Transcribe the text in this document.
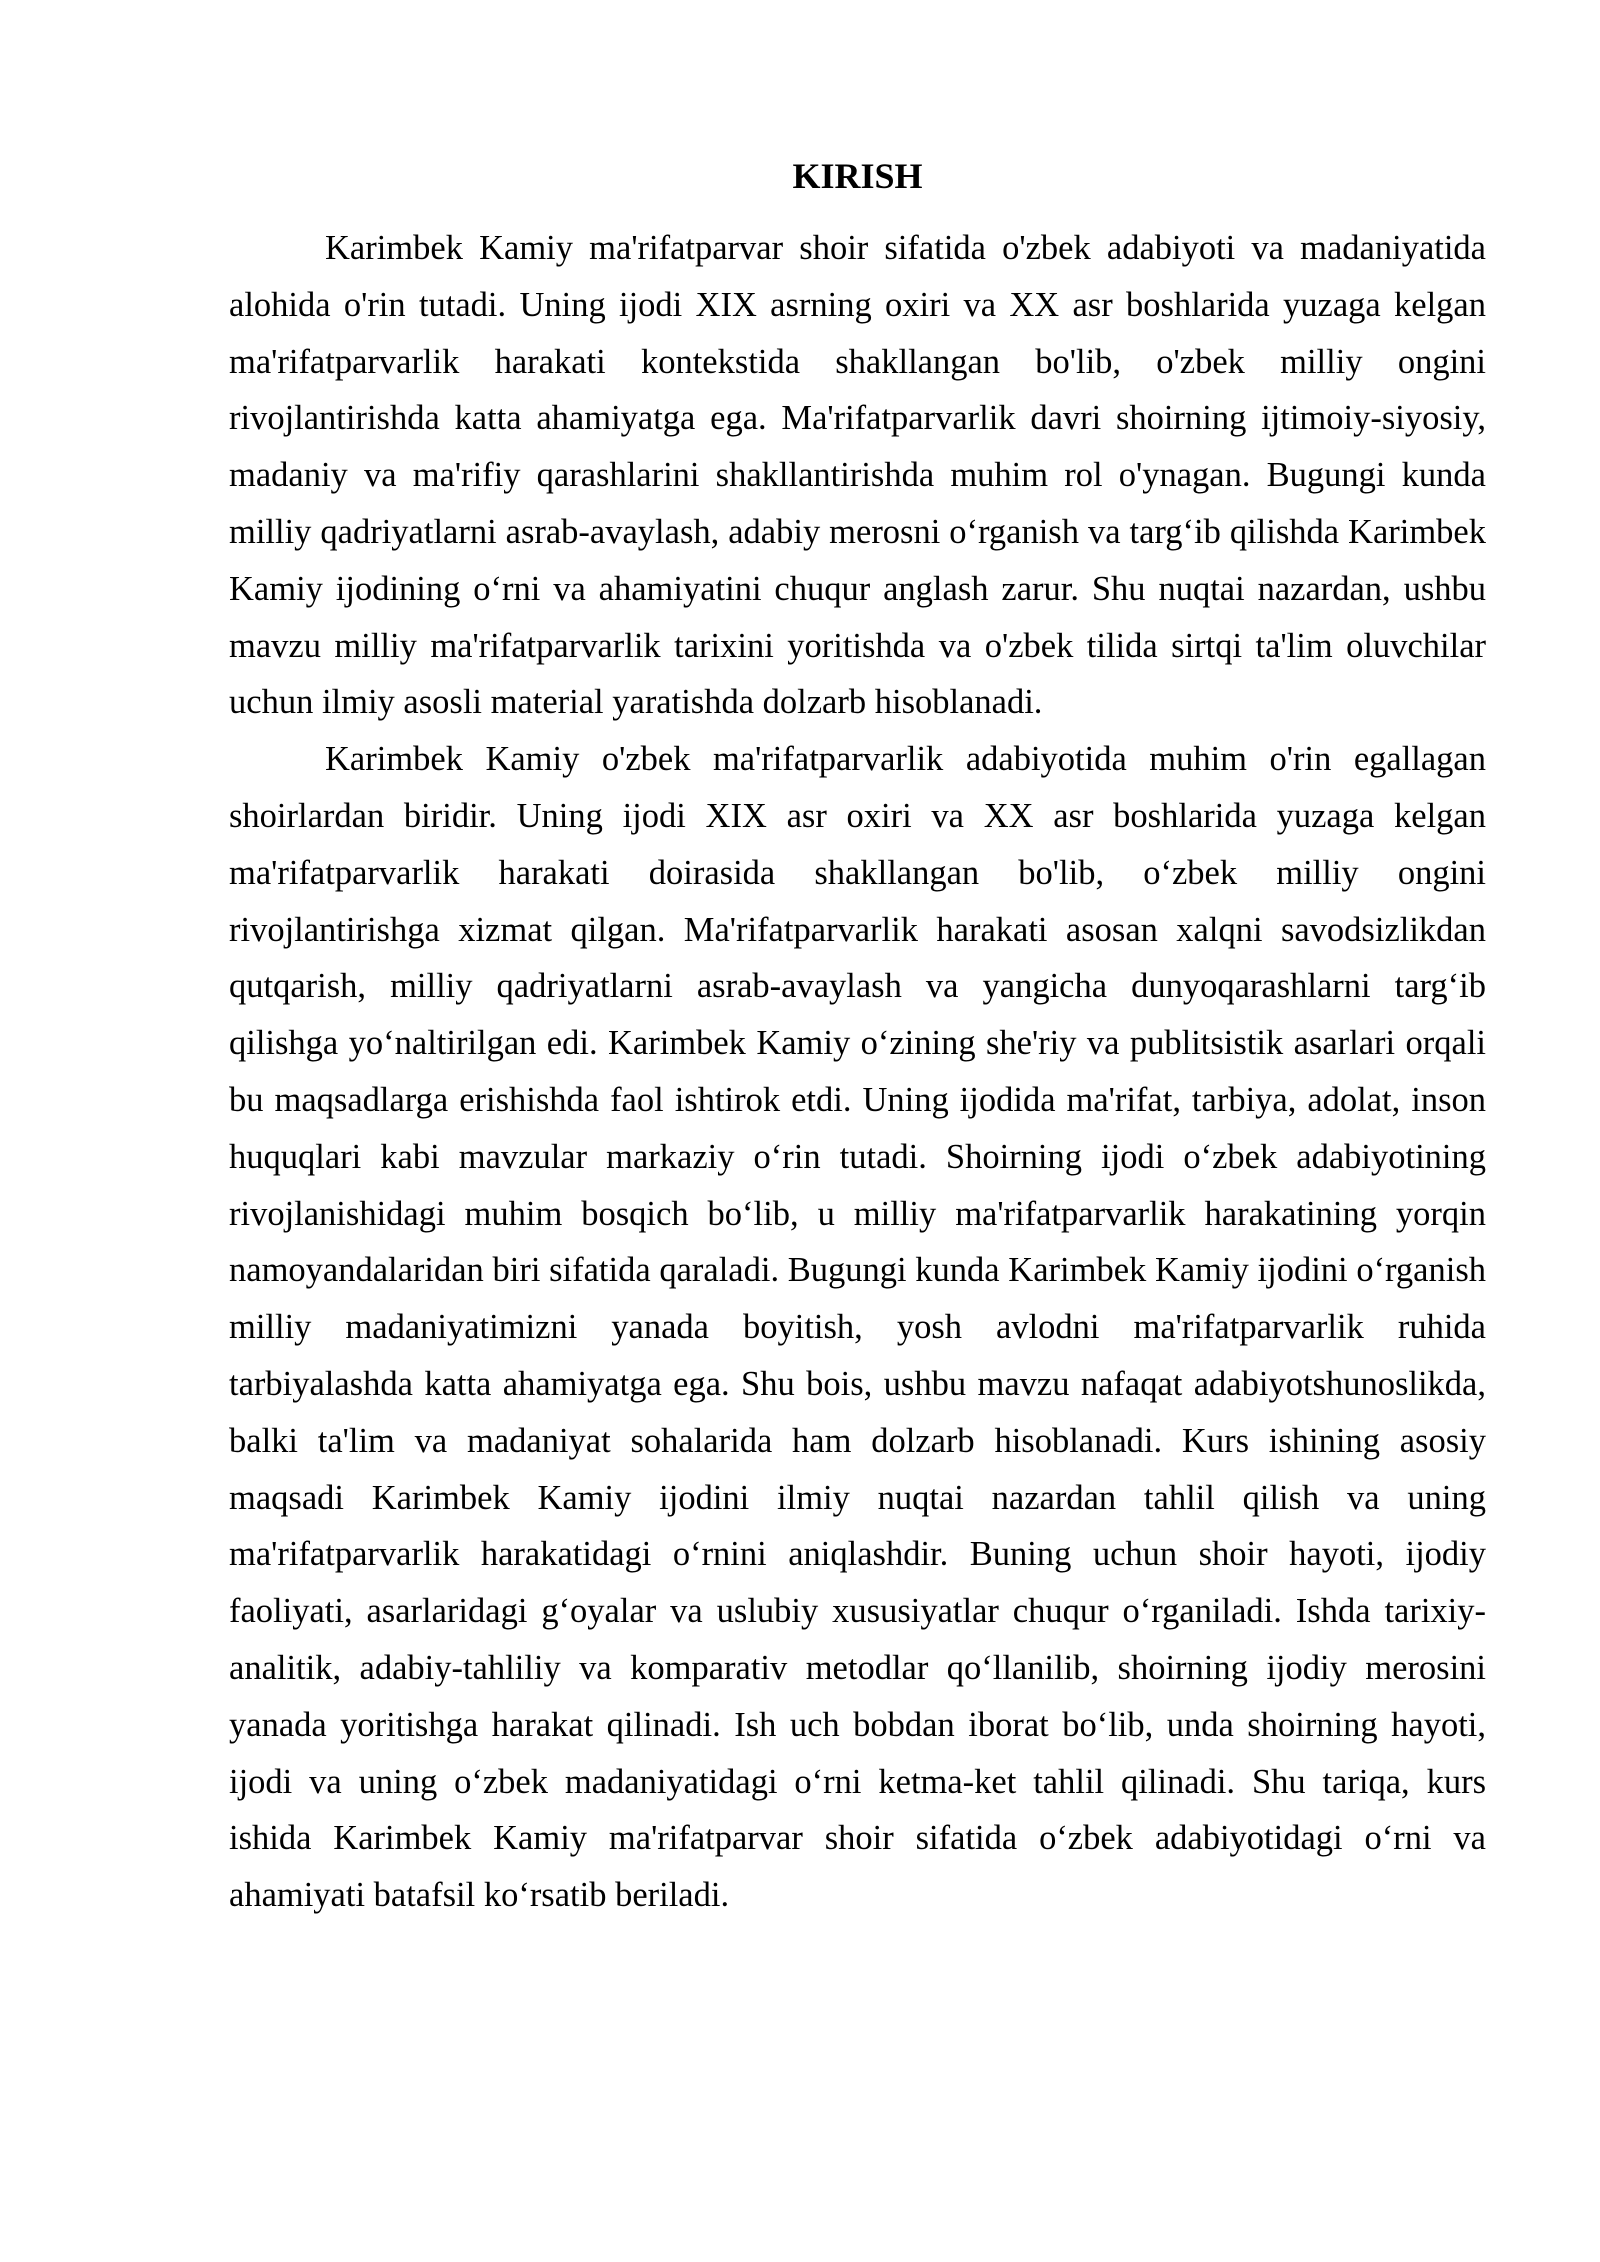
KIRISH

Karimbek Kamiy ma'rifatparvar shoir sifatida o'zbek adabiyoti va madaniyatida alohida o'rin tutadi. Uning ijodi XIX asrning oxiri va XX asr boshlarida yuzaga kelgan ma'rifatparvarlik harakati kontekstida shakllangan bo'lib, o'zbek milliy ongini rivojlantirishda katta ahamiyatga ega. Ma'rifatparvarlik davri shoirning ijtimoiy-siyosiy, madaniy va ma'rifiy qarashlarini shakllantirishda muhim rol o'ynagan. Bugungi kunda milliy qadriyatlarni asrab-avaylash, adabiy merosni o‘rganish va targ‘ib qilishda Karimbek Kamiy ijodining o‘rni va ahamiyatini chuqur anglash zarur. Shu nuqtai nazardan, ushbu mavzu milliy ma'rifatparvarlik tarixini yoritishda va o'zbek tilida sirtqi ta'lim oluvchilar uchun ilmiy asosli material yaratishda dolzarb hisoblanadi.

Karimbek Kamiy o'zbek ma'rifatparvarlik adabiyotida muhim o'rin egallagan shoirlardan biridir. Uning ijodi XIX asr oxiri va XX asr boshlarida yuzaga kelgan ma'rifatparvarlik harakati doirasida shakllangan bo'lib, o‘zbek milliy ongini rivojlantirishga xizmat qilgan. Ma'rifatparvarlik harakati asosan xalqni savodsizlikdan qutqarish, milliy qadriyatlarni asrab-avaylash va yangicha dunyoqarashlarni targ‘ib qilishga yo‘naltirilgan edi. Karimbek Kamiy o‘zining she'riy va publitsistik asarlari orqali bu maqsadlarga erishishda faol ishtirok etdi. Uning ijodida ma'rifat, tarbiya, adolat, inson huquqlari kabi mavzular markaziy o‘rin tutadi. Shoirning ijodi o‘zbek adabiyotining rivojlanishidagi muhim bosqich bo‘lib, u milliy ma'rifatparvarlik harakatining yorqin namoyandalaridan biri sifatida qaraladi. Bugungi kunda Karimbek Kamiy ijodini o‘rganish milliy madaniyatimizni yanada boyitish, yosh avlodni ma'rifatparvarlik ruhida tarbiyalashda katta ahamiyatga ega. Shu bois, ushbu mavzu nafaqat adabiyotshunoslikda, balki ta'lim va madaniyat sohalarida ham dolzarb hisoblanadi. Kurs ishining asosiy maqsadi Karimbek Kamiy ijodini ilmiy nuqtai nazardan tahlil qilish va uning ma'rifatparvarlik harakatidagi o‘rnini aniqlashdir. Buning uchun shoir hayoti, ijodiy faoliyati, asarlaridagi g‘oyalar va uslubiy xususiyatlar chuqur o‘rganiladi. Ishda tarixiy-analitik, adabiy-tahliliy va komparativ metodlar qo‘llanilib, shoirning ijodiy merosini yanada yoritishga harakat qilinadi. Ish uch bobdan iborat bo‘lib, unda shoirning hayoti, ijodi va uning o‘zbek madaniyatidagi o‘rni ketma-ket tahlil qilinadi. Shu tariqa, kurs ishida Karimbek Kamiy ma'rifatparvar shoir sifatida o‘zbek adabiyotidagi o‘rni va ahamiyati batafsil ko‘rsatib beriladi.
